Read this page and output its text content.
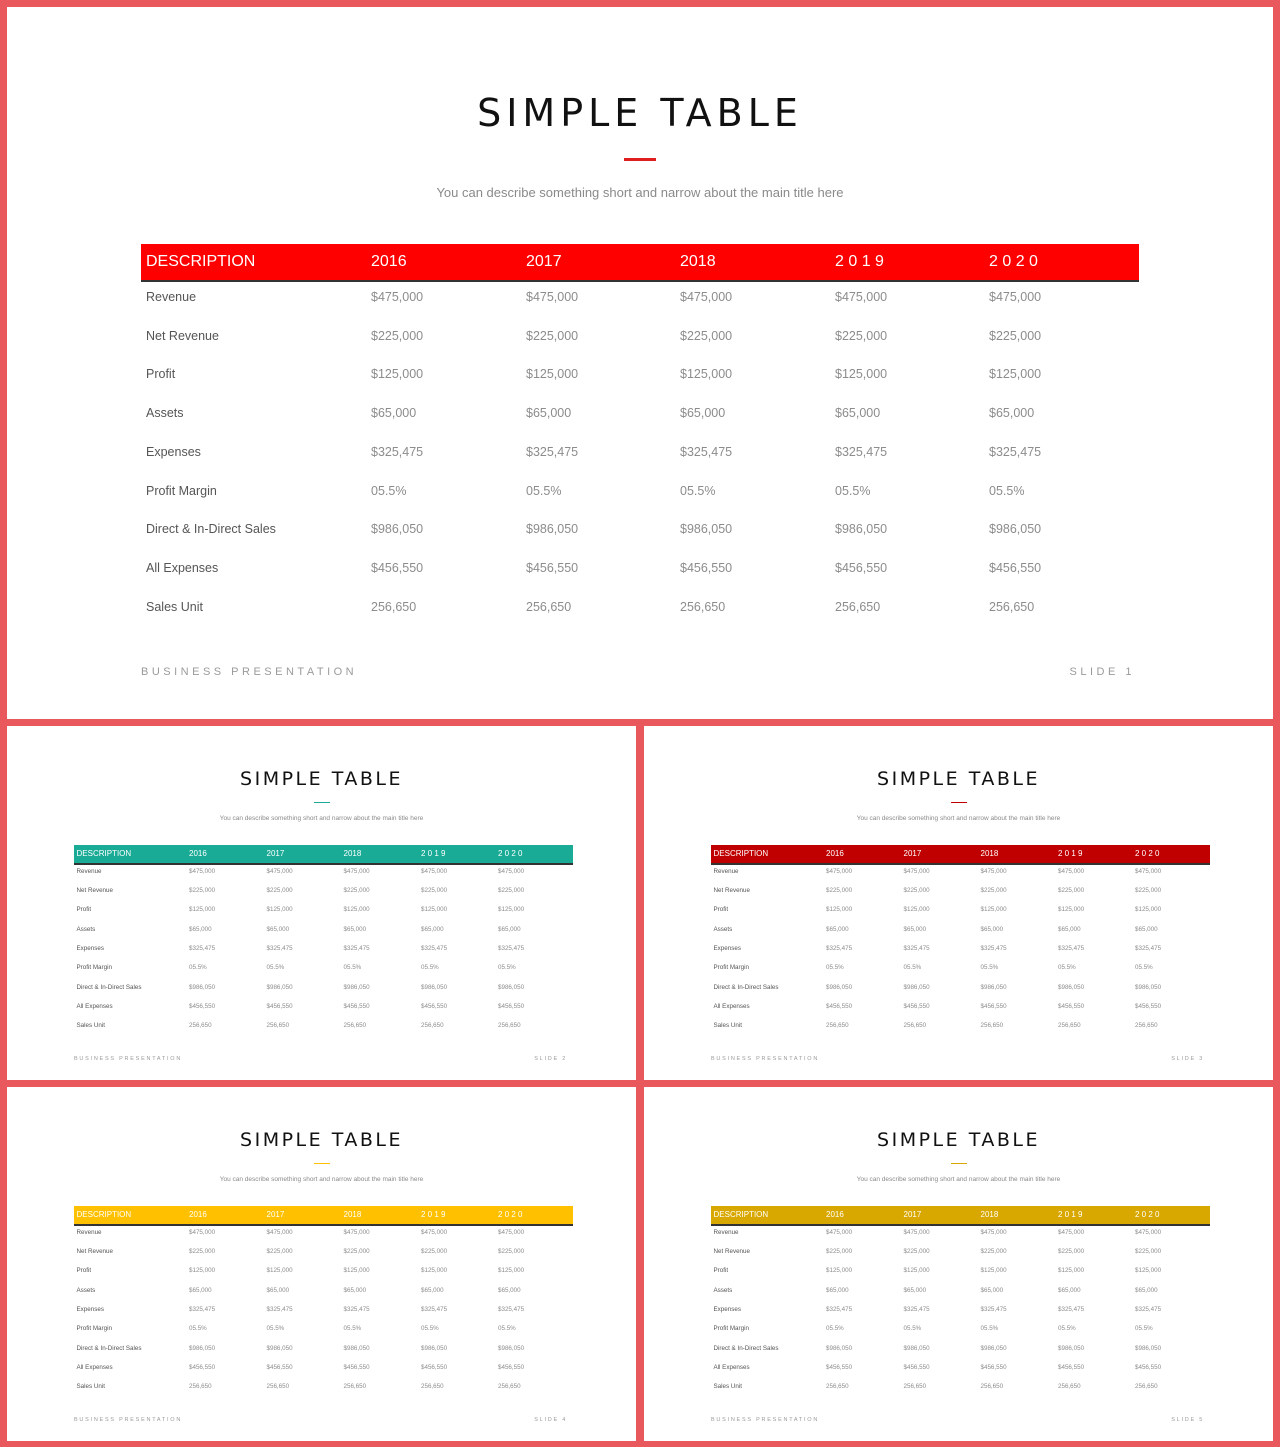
SIMPLE TABLE
You can describe something short and narrow about the main title here
DESCRIPTION	2016	2017	2018	2 0 1 9	2 0 2 0
Revenue	$475,000	$475,000	$475,000	$475,000	$475,000
Net Revenue	$225,000	$225,000	$225,000	$225,000	$225,000
Profit	$125,000	$125,000	$125,000	$125,000	$125,000
Assets	$65,000	$65,000	$65,000	$65,000	$65,000
Expenses	$325,475	$325,475	$325,475	$325,475	$325,475
Profit Margin	05.5%	05.5%	05.5%	05.5%	05.5%
Direct & In-Direct Sales	$986,050	$986,050	$986,050	$986,050	$986,050
All Expenses	$456,550	$456,550	$456,550	$456,550	$456,550
Sales Unit	256,650	256,650	256,650	256,650	256,650
BUSINESS PRESENTATION	SLIDE 1
SIMPLE TABLE
You can describe something short and narrow about the main title here
DESCRIPTION	2016	2017	2018	2 0 1 9	2 0 2 0
Revenue	$475,000	$475,000	$475,000	$475,000	$475,000
Net Revenue	$225,000	$225,000	$225,000	$225,000	$225,000
Profit	$125,000	$125,000	$125,000	$125,000	$125,000
Assets	$65,000	$65,000	$65,000	$65,000	$65,000
Expenses	$325,475	$325,475	$325,475	$325,475	$325,475
Profit Margin	05.5%	05.5%	05.5%	05.5%	05.5%
Direct & In-Direct Sales	$986,050	$986,050	$986,050	$986,050	$986,050
All Expenses	$456,550	$456,550	$456,550	$456,550	$456,550
Sales Unit	256,650	256,650	256,650	256,650	256,650
BUSINESS PRESENTATION	SLIDE 2
SIMPLE TABLE
You can describe something short and narrow about the main title here
DESCRIPTION	2016	2017	2018	2 0 1 9	2 0 2 0
Revenue	$475,000	$475,000	$475,000	$475,000	$475,000
Net Revenue	$225,000	$225,000	$225,000	$225,000	$225,000
Profit	$125,000	$125,000	$125,000	$125,000	$125,000
Assets	$65,000	$65,000	$65,000	$65,000	$65,000
Expenses	$325,475	$325,475	$325,475	$325,475	$325,475
Profit Margin	05.5%	05.5%	05.5%	05.5%	05.5%
Direct & In-Direct Sales	$986,050	$986,050	$986,050	$986,050	$986,050
All Expenses	$456,550	$456,550	$456,550	$456,550	$456,550
Sales Unit	256,650	256,650	256,650	256,650	256,650
BUSINESS PRESENTATION	SLIDE 3
SIMPLE TABLE
You can describe something short and narrow about the main title here
DESCRIPTION	2016	2017	2018	2 0 1 9	2 0 2 0
Revenue	$475,000	$475,000	$475,000	$475,000	$475,000
Net Revenue	$225,000	$225,000	$225,000	$225,000	$225,000
Profit	$125,000	$125,000	$125,000	$125,000	$125,000
Assets	$65,000	$65,000	$65,000	$65,000	$65,000
Expenses	$325,475	$325,475	$325,475	$325,475	$325,475
Profit Margin	05.5%	05.5%	05.5%	05.5%	05.5%
Direct & In-Direct Sales	$986,050	$986,050	$986,050	$986,050	$986,050
All Expenses	$456,550	$456,550	$456,550	$456,550	$456,550
Sales Unit	256,650	256,650	256,650	256,650	256,650
BUSINESS PRESENTATION	SLIDE 4
SIMPLE TABLE
You can describe something short and narrow about the main title here
DESCRIPTION	2016	2017	2018	2 0 1 9	2 0 2 0
Revenue	$475,000	$475,000	$475,000	$475,000	$475,000
Net Revenue	$225,000	$225,000	$225,000	$225,000	$225,000
Profit	$125,000	$125,000	$125,000	$125,000	$125,000
Assets	$65,000	$65,000	$65,000	$65,000	$65,000
Expenses	$325,475	$325,475	$325,475	$325,475	$325,475
Profit Margin	05.5%	05.5%	05.5%	05.5%	05.5%
Direct & In-Direct Sales	$986,050	$986,050	$986,050	$986,050	$986,050
All Expenses	$456,550	$456,550	$456,550	$456,550	$456,550
Sales Unit	256,650	256,650	256,650	256,650	256,650
BUSINESS PRESENTATION	SLIDE 5
